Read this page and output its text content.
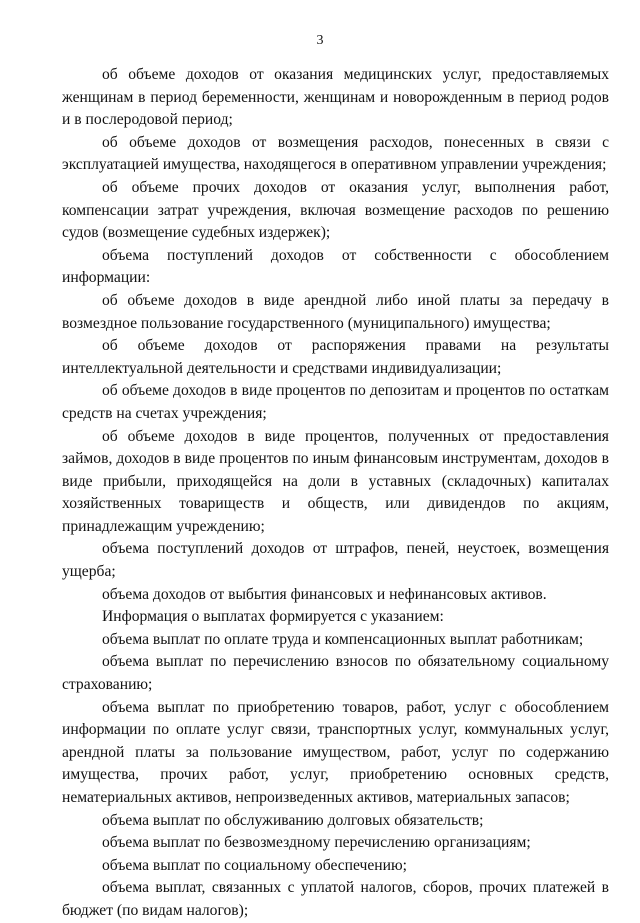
3

об объеме доходов от оказания медицинских услуг, предоставляемых женщинам в период беременности, женщинам и новорожденным в период родов и в послеродовой период;

об объеме доходов от возмещения расходов, понесенных в связи с эксплуатацией имущества, находящегося в оперативном управлении учреждения;

об объеме прочих доходов от оказания услуг, выполнения работ, компенсации затрат учреждения, включая возмещение расходов по решению судов (возмещение судебных издержек);

объема поступлений доходов от собственности с обособлением информации:

об объеме доходов в виде арендной либо иной платы за передачу в возмездное пользование государственного (муниципального) имущества;

об объеме доходов от распоряжения правами на результаты интеллектуальной деятельности и средствами индивидуализации;

об объеме доходов в виде процентов по депозитам и процентов по остаткам средств на счетах учреждения;

об объеме доходов в виде процентов, полученных от предоставления займов, доходов в виде процентов по иным финансовым инструментам, доходов в виде прибыли, приходящейся на доли в уставных (складочных) капиталах хозяйственных товариществ и обществ, или дивидендов по акциям, принадлежащим учреждению;

объема поступлений доходов от штрафов, пеней, неустоек, возмещения ущерба;

объема доходов от выбытия финансовых и нефинансовых активов.

Информация о выплатах формируется с указанием:

объема выплат по оплате труда и компенсационных выплат работникам;

объема выплат по перечислению взносов по обязательному социальному страхованию;

объема выплат по приобретению товаров, работ, услуг с обособлением информации по оплате услуг связи, транспортных услуг, коммунальных услуг, арендной платы за пользование имуществом, работ, услуг по содержанию имущества, прочих работ, услуг, приобретению основных средств, нематериальных активов, непроизведенных активов, материальных запасов;

объема выплат по обслуживанию долговых обязательств;

объема выплат по безвозмездному перечислению организациям;

объема выплат по социальному обеспечению;

объема выплат, связанных с уплатой налогов, сборов, прочих платежей в бюджет (по видам налогов);
